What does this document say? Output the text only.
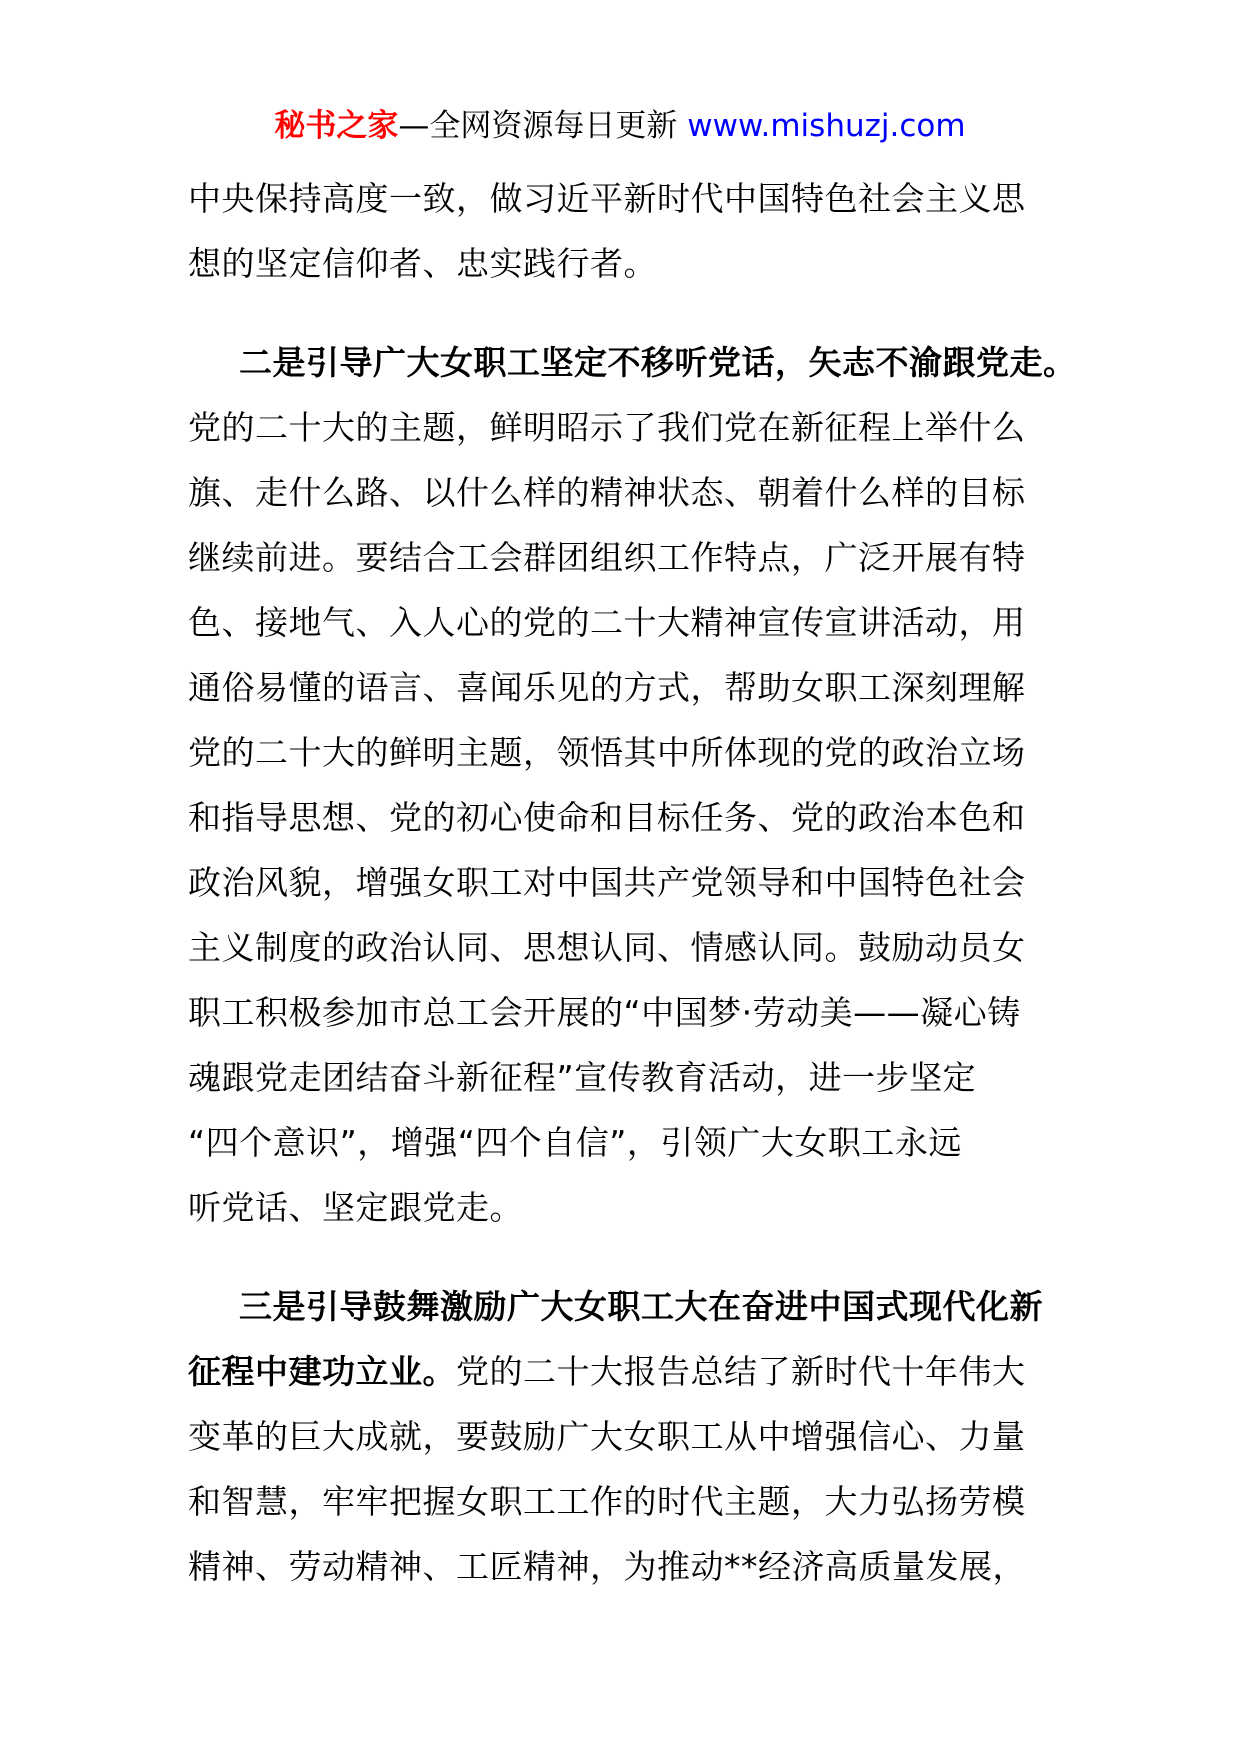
秘书之家—全网资源每日更新 www.mishuzj.com
中央保持高度一致，做习近平新时代中国特色社会主义思
想的坚定信仰者、忠实践行者。
二是引导广大女职工坚定不移听党话，矢志不渝跟党走。
党的二十大的主题，鲜明昭示了我们党在新征程上举什么
旗、走什么路、以什么样的精神状态、朝着什么样的目标
继续前进。要结合工会群团组织工作特点，广泛开展有特
色、接地气、入人心的党的二十大精神宣传宣讲活动，用
通俗易懂的语言、喜闻乐见的方式，帮助女职工深刻理解
党的二十大的鲜明主题，领悟其中所体现的党的政治立场
和指导思想、党的初心使命和目标任务、党的政治本色和
政治风貌，增强女职工对中国共产党领导和中国特色社会
主义制度的政治认同、思想认同、情感认同。鼓励动员女
职工积极参加市总工会开展的“中国梦·劳动美——凝心铸
魂跟党走团结奋斗新征程”宣传教育活动，进一步坚定
“四个意识”，增强“四个自信”，引领广大女职工永远
听党话、坚定跟党走。
三是引导鼓舞激励广大女职工大在奋进中国式现代化新
征程中建功立业。党的二十大报告总结了新时代十年伟大
变革的巨大成就，要鼓励广大女职工从中增强信心、力量
和智慧，牢牢把握女职工工作的时代主题，大力弘扬劳模
精神、劳动精神、工匠精神，为推动**经济高质量发展，
